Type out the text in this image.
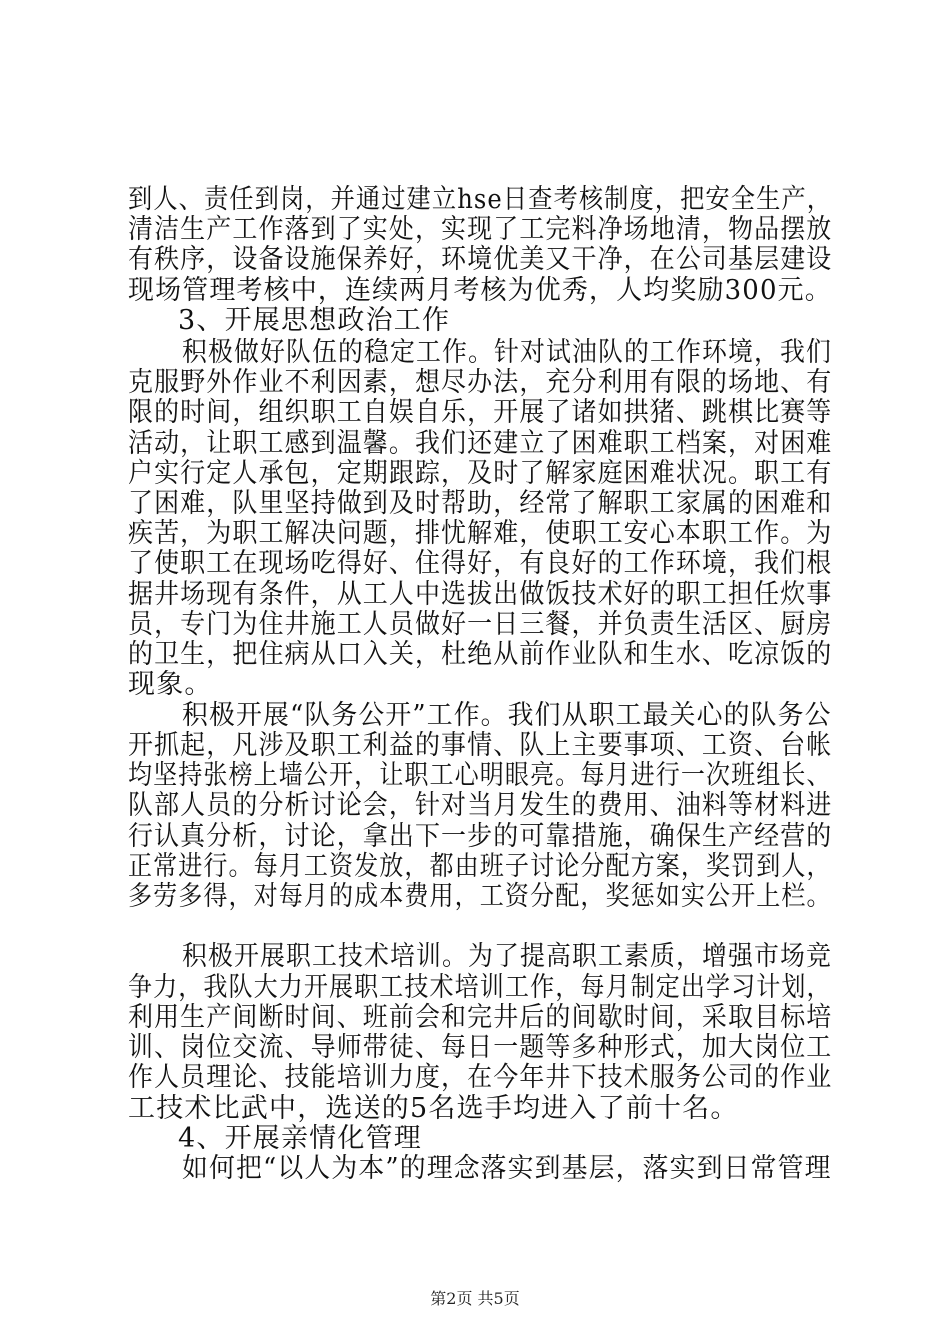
到人、责任到岗，并通过建立hse日查考核制度，把安全生产，
清洁生产工作落到了实处，实现了工完料净场地清，物品摆放
有秩序，设备设施保养好，环境优美又干净，在公司基层建设
现场管理考核中，连续两月考核为优秀，人均奖励300元。
3、开展思想政治工作
积极做好队伍的稳定工作。针对试油队的工作环境，我们
克服野外作业不利因素，想尽办法，充分利用有限的场地、有
限的时间，组织职工自娱自乐，开展了诸如拱猪、跳棋比赛等
活动，让职工感到温馨。我们还建立了困难职工档案，对困难
户实行定人承包，定期跟踪，及时了解家庭困难状况。职工有
了困难，队里坚持做到及时帮助，经常了解职工家属的困难和
疾苦，为职工解决问题，排忧解难，使职工安心本职工作。为
了使职工在现场吃得好、住得好，有良好的工作环境，我们根
据井场现有条件，从工人中选拔出做饭技术好的职工担任炊事
员，专门为住井施工人员做好一日三餐，并负责生活区、厨房
的卫生，把住病从口入关，杜绝从前作业队和生水、吃凉饭的
现象。
积极开展“队务公开”工作。我们从职工最关心的队务公
开抓起，凡涉及职工利益的事情、队上主要事项、工资、台帐
均坚持张榜上墙公开，让职工心明眼亮。每月进行一次班组长、
队部人员的分析讨论会，针对当月发生的费用、油料等材料进
行认真分析，讨论，拿出下一步的可靠措施，确保生产经营的
正常进行。每月工资发放，都由班子讨论分配方案，奖罚到人，
多劳多得，对每月的成本费用，工资分配，奖惩如实公开上栏。
积极开展职工技术培训。为了提高职工素质，增强市场竞
争力，我队大力开展职工技术培训工作，每月制定出学习计划，
利用生产间断时间、班前会和完井后的间歇时间，采取目标培
训、岗位交流、导师带徒、每日一题等多种形式，加大岗位工
作人员理论、技能培训力度，在今年井下技术服务公司的作业
工技术比武中，选送的5名选手均进入了前十名。
4、开展亲情化管理
如何把“以人为本”的理念落实到基层，落实到日常管理
第2页 共5页
